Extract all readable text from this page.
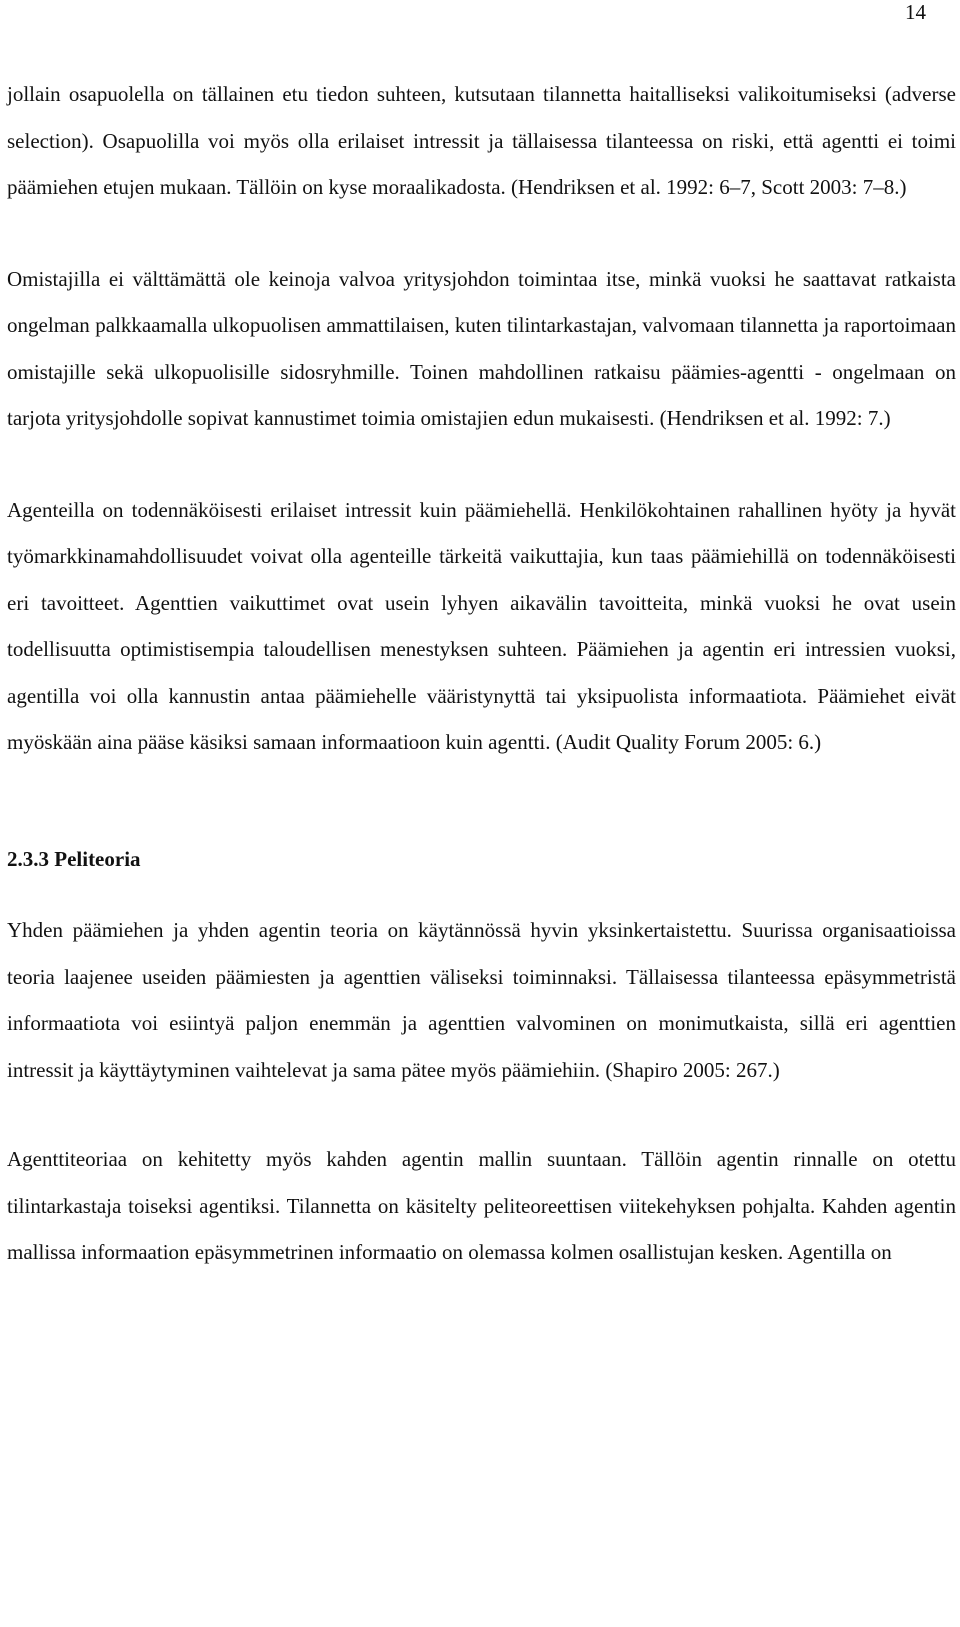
14

jollain osapuolella on tällainen etu tiedon suhteen, kutsutaan tilannetta haitalliseksi valikoitumiseksi (adverse selection). Osapuolilla voi myös olla erilaiset intressit ja tällaisessa tilanteessa on riski, että agentti ei toimi päämiehen etujen mukaan. Tällöin on kyse moraalikadosta. (Hendriksen et al. 1992: 6–7, Scott 2003: 7–8.)

Omistajilla ei välttämättä ole keinoja valvoa yritysjohdon toimintaa itse, minkä vuoksi he saattavat ratkaista ongelman palkkaamalla ulkopuolisen ammattilaisen, kuten tilintarkastajan, valvomaan tilannetta ja raportoimaan omistajille sekä ulkopuolisille sidosryhmille. Toinen mahdollinen ratkaisu päämies-agentti - ongelmaan on tarjota yritysjohdolle sopivat kannustimet toimia omistajien edun mukaisesti. (Hendriksen et al. 1992: 7.)

Agenteilla on todennäköisesti erilaiset intressit kuin päämiehellä. Henkilökohtainen rahallinen hyöty ja hyvät työmarkkinamahdollisuudet voivat olla agenteille tärkeitä vaikuttajia, kun taas päämiehillä on todennäköisesti eri tavoitteet. Agenttien vaikuttimet ovat usein lyhyen aikavälin tavoitteita, minkä vuoksi he ovat usein todellisuutta optimistisempia taloudellisen menestyksen suhteen. Päämiehen ja agentin eri intressien vuoksi, agentilla voi olla kannustin antaa päämiehelle vääristynyttä tai yksipuolista informaatiota. Päämiehet eivät myöskään aina pääse käsiksi samaan informaatioon kuin agentti. (Audit Quality Forum 2005: 6.)

2.3.3 Peliteoria

Yhden päämiehen ja yhden agentin teoria on käytännössä hyvin yksinkertaistettu. Suurissa organisaatioissa teoria laajenee useiden päämiesten ja agenttien väliseksi toiminnaksi. Tällaisessa tilanteessa epäsymmetristä informaatiota voi esiintyä paljon enemmän ja agenttien valvominen on monimutkaista, sillä eri agenttien intressit ja käyttäytyminen vaihtelevat ja sama pätee myös päämiehiin. (Shapiro 2005: 267.)

Agenttiteoriaa on kehitetty myös kahden agentin mallin suuntaan. Tällöin agentin rinnalle on otettu tilintarkastaja toiseksi agentiksi. Tilannetta on käsitelty peliteoreettisen viitekehyksen pohjalta. Kahden agentin mallissa informaation epäsymmetrinen informaatio on olemassa kolmen osallistujan kesken. Agentilla on
